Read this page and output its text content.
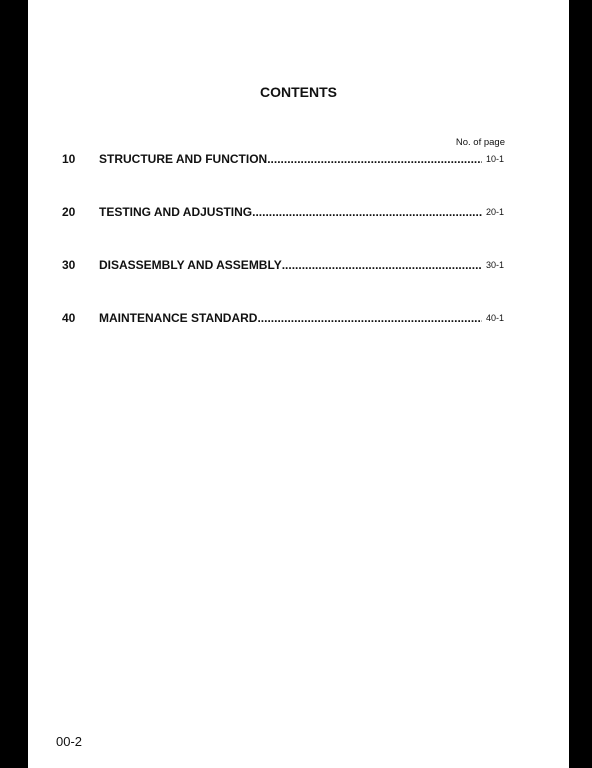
CONTENTS
No. of page
10 STRUCTURE AND FUNCTION .....	10-1
20 TESTING AND ADJUSTING .....	20-1
30 DISASSEMBLY AND ASSEMBLY .....	30-1
40 MAINTENANCE STANDARD .....	40-1
00-2
